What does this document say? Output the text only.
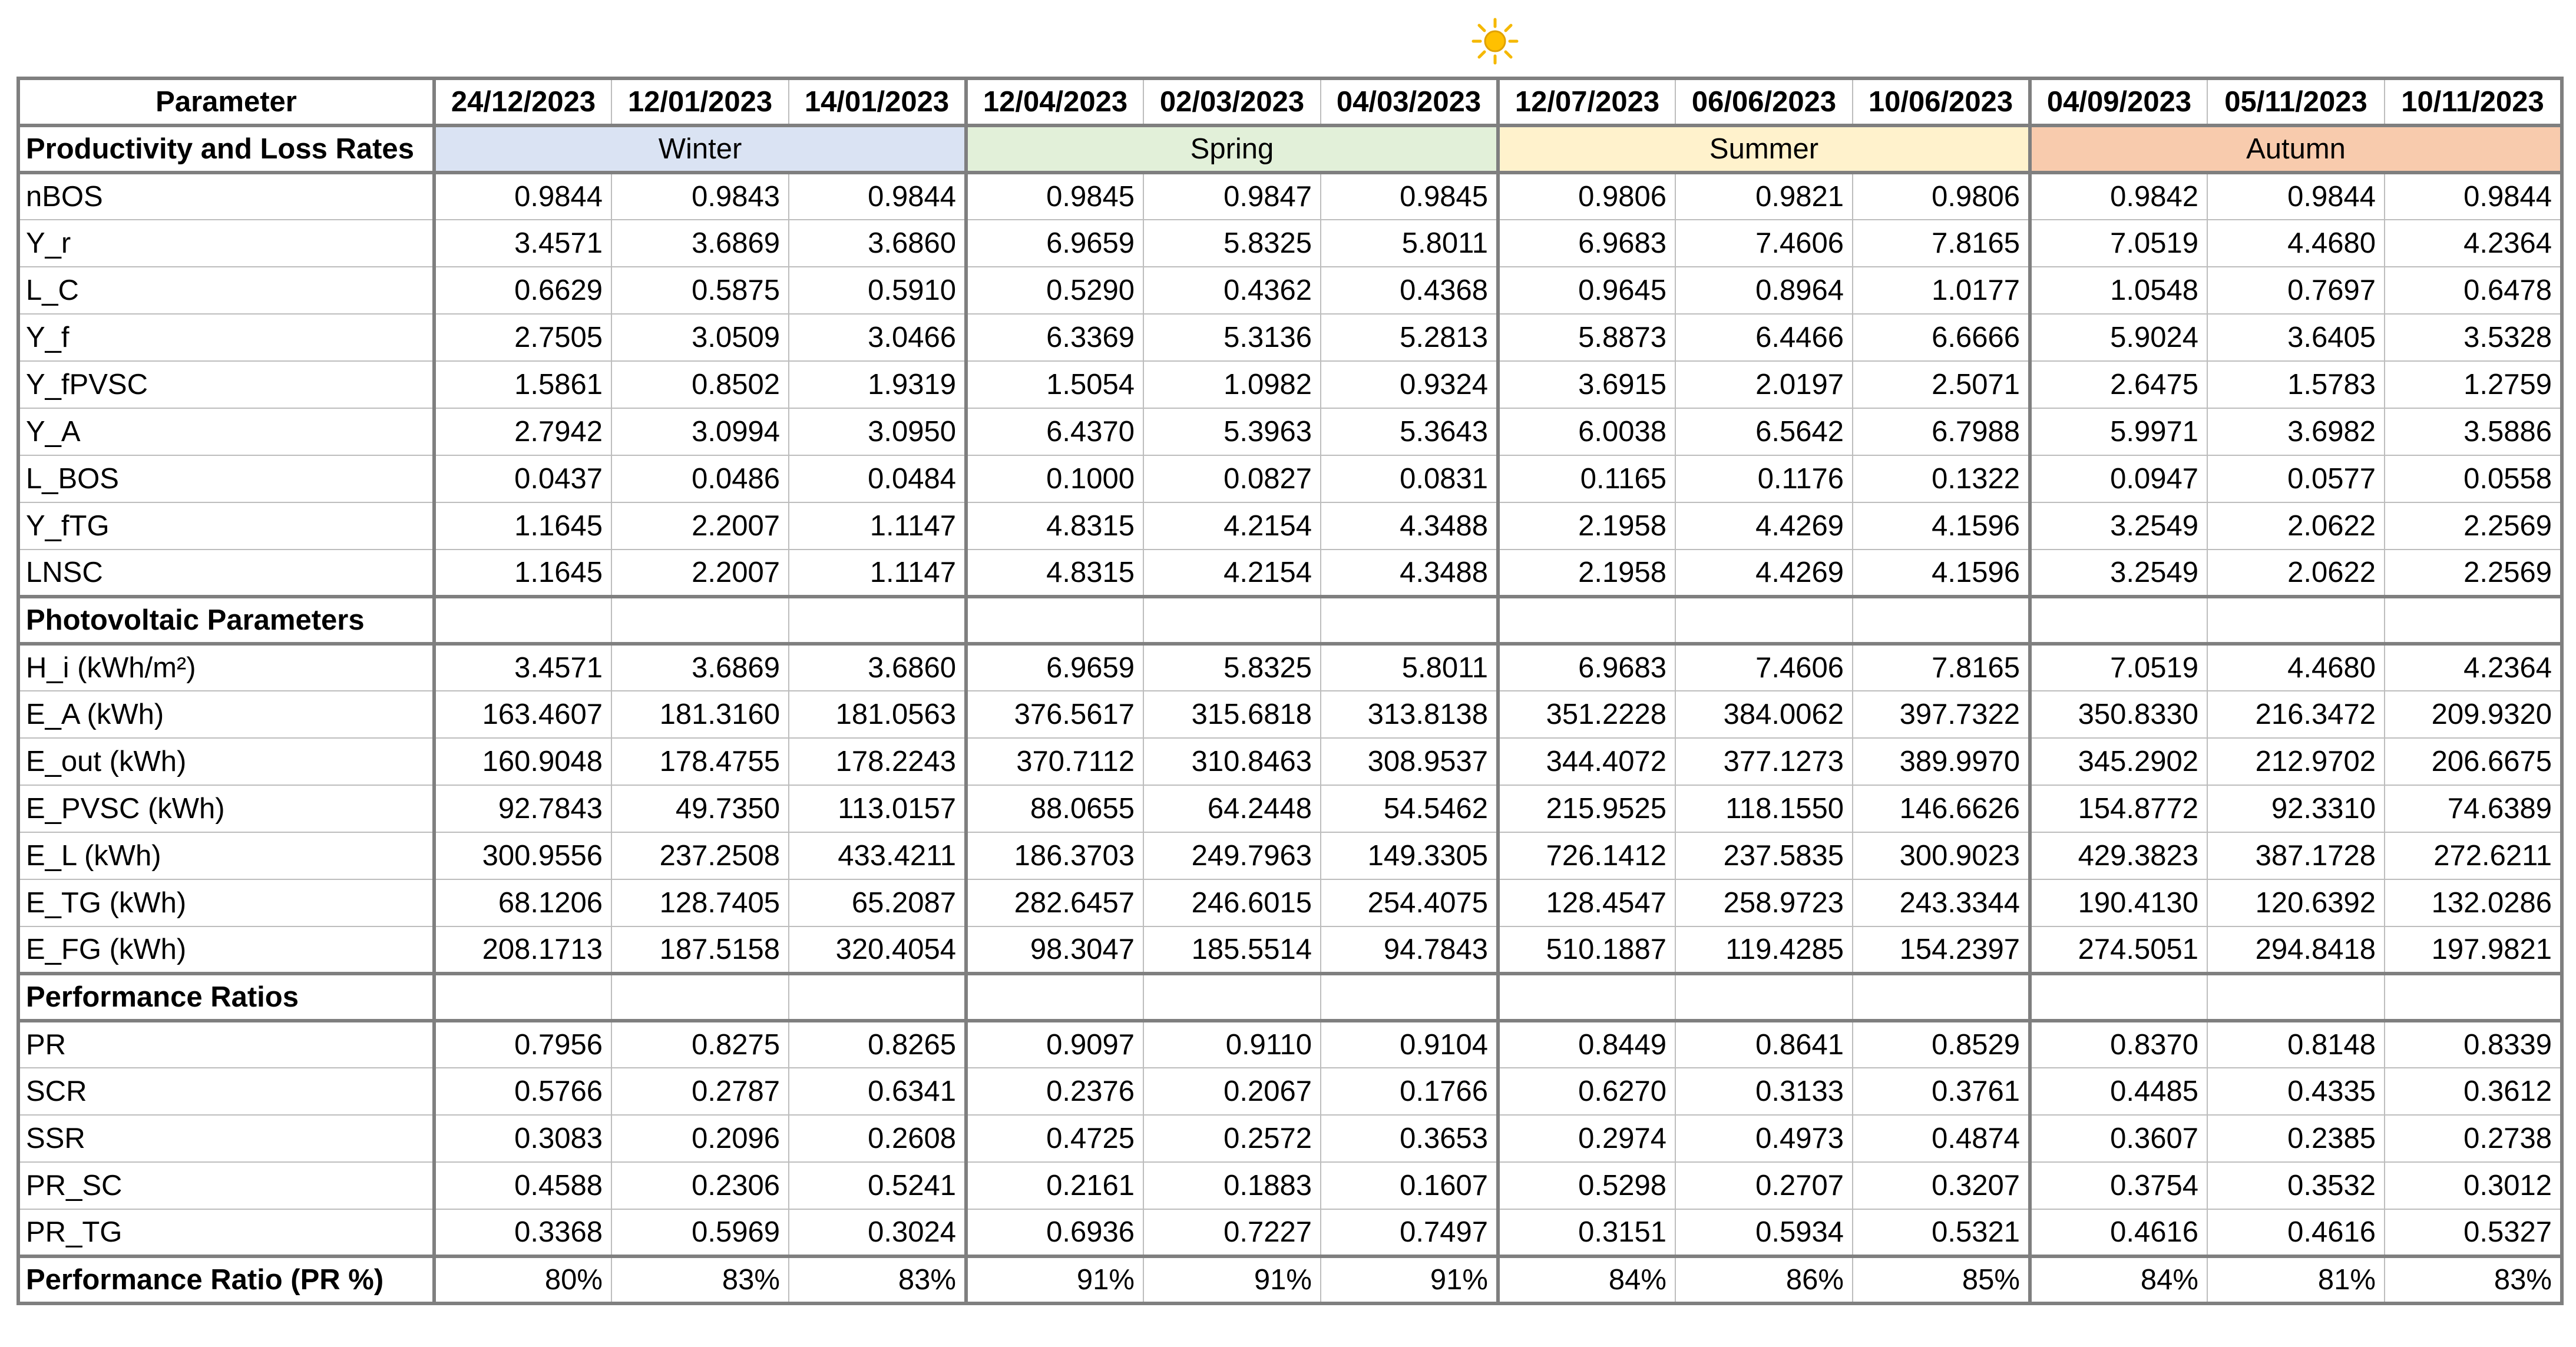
Parameter	24/12/2023	12/01/2023	14/01/2023	12/04/2023	02/03/2023	04/03/2023	12/07/2023	06/06/2023	10/06/2023	04/09/2023	05/11/2023	10/11/2023
Productivity and Loss Rates	Winter			Spring			Summer			Autumn		
nBOS	0.9844	0.9843	0.9844	0.9845	0.9847	0.9845	0.9806	0.9821	0.9806	0.9842	0.9844	0.9844
Y_r	3.4571	3.6869	3.6860	6.9659	5.8325	5.8011	6.9683	7.4606	7.8165	7.0519	4.4680	4.2364
L_C	0.6629	0.5875	0.5910	0.5290	0.4362	0.4368	0.9645	0.8964	1.0177	1.0548	0.7697	0.6478
Y_f	2.7505	3.0509	3.0466	6.3369	5.3136	5.2813	5.8873	6.4466	6.6666	5.9024	3.6405	3.5328
Y_fPVSC	1.5861	0.8502	1.9319	1.5054	1.0982	0.9324	3.6915	2.0197	2.5071	2.6475	1.5783	1.2759
Y_A	2.7942	3.0994	3.0950	6.4370	5.3963	5.3643	6.0038	6.5642	6.7988	5.9971	3.6982	3.5886
L_BOS	0.0437	0.0486	0.0484	0.1000	0.0827	0.0831	0.1165	0.1176	0.1322	0.0947	0.0577	0.0558
Y_fTG	1.1645	2.2007	1.1147	4.8315	4.2154	4.3488	2.1958	4.4269	4.1596	3.2549	2.0622	2.2569
LNSC	1.1645	2.2007	1.1147	4.8315	4.2154	4.3488	2.1958	4.4269	4.1596	3.2549	2.0622	2.2569
Photovoltaic Parameters												
H_i (kWh/m²)	3.4571	3.6869	3.6860	6.9659	5.8325	5.8011	6.9683	7.4606	7.8165	7.0519	4.4680	4.2364
E_A (kWh)	163.4607	181.3160	181.0563	376.5617	315.6818	313.8138	351.2228	384.0062	397.7322	350.8330	216.3472	209.9320
E_out (kWh)	160.9048	178.4755	178.2243	370.7112	310.8463	308.9537	344.4072	377.1273	389.9970	345.2902	212.9702	206.6675
E_PVSC (kWh)	92.7843	49.7350	113.0157	88.0655	64.2448	54.5462	215.9525	118.1550	146.6626	154.8772	92.3310	74.6389
E_L (kWh)	300.9556	237.2508	433.4211	186.3703	249.7963	149.3305	726.1412	237.5835	300.9023	429.3823	387.1728	272.6211
E_TG (kWh)	68.1206	128.7405	65.2087	282.6457	246.6015	254.4075	128.4547	258.9723	243.3344	190.4130	120.6392	132.0286
E_FG (kWh)	208.1713	187.5158	320.4054	98.3047	185.5514	94.7843	510.1887	119.4285	154.2397	274.5051	294.8418	197.9821
Performance Ratios												
PR	0.7956	0.8275	0.8265	0.9097	0.9110	0.9104	0.8449	0.8641	0.8529	0.8370	0.8148	0.8339
SCR	0.5766	0.2787	0.6341	0.2376	0.2067	0.1766	0.6270	0.3133	0.3761	0.4485	0.4335	0.3612
SSR	0.3083	0.2096	0.2608	0.4725	0.2572	0.3653	0.2974	0.4973	0.4874	0.3607	0.2385	0.2738
PR_SC	0.4588	0.2306	0.5241	0.2161	0.1883	0.1607	0.5298	0.2707	0.3207	0.3754	0.3532	0.3012
PR_TG	0.3368	0.5969	0.3024	0.6936	0.7227	0.7497	0.3151	0.5934	0.5321	0.4616	0.4616	0.5327
Performance Ratio (PR %)	80%	83%	83%	91%	91%	91%	84%	86%	85%	84%	81%	83%
